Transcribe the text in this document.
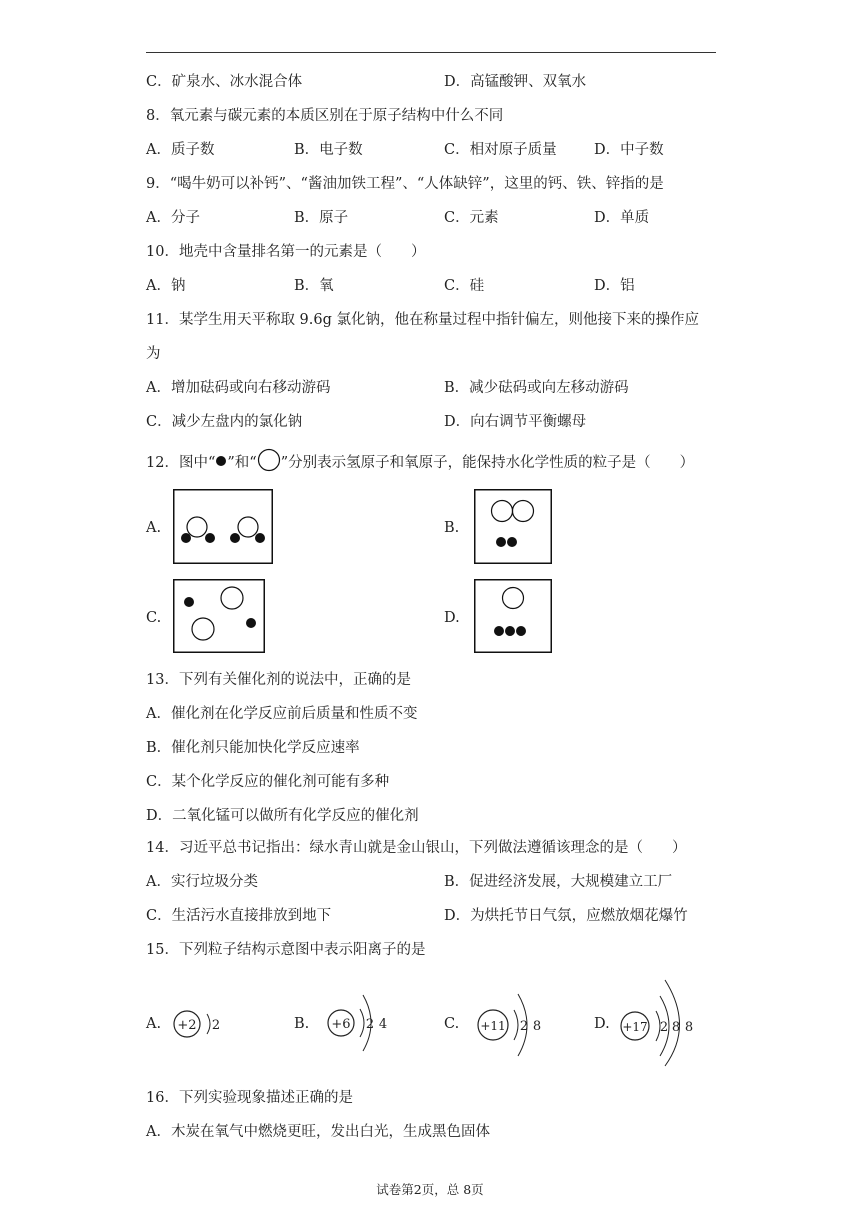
C．矿泉水、冰水混合体	D．高锰酸钾、双氧水
8．氧元素与碳元素的本质区别在于原子结构中什么不同
A．质子数	B．电子数	C．相对原子质量	D．中子数
9．“喝牛奶可以补钙”、“酱油加铁工程”、“人体缺锌”，这里的钙、铁、锌指的是
A．分子	B．原子	C．元素	D．单质
10．地壳中含量排名第一的元素是（　　）
A．钠	B．氧	C．硅	D．铝
11．某学生用天平称取 9.6g 氯化钠，他在称量过程中指针偏左，则他接下来的操作应
为
A．增加砝码或向右移动游码	B．减少砝码或向左移动游码
C．减少左盘内的氯化钠	D．向右调节平衡螺母
12．图中“ ”和“ ”分别表示氢原子和氧原子，能保持水化学性质的粒子是（　　）
A.	B.
C.	D.
13．下列有关催化剂的说法中，正确的是
A．催化剂在化学反应前后质量和性质不变
B．催化剂只能加快化学反应速率
C．某个化学反应的催化剂可能有多种
D．二氧化锰可以做所有化学反应的催化剂
14．习近平总书记指出：绿水青山就是金山银山，下列做法遵循该理念的是（　　）
A．实行垃圾分类	B．促进经济发展，大规模建立工厂
C．生活污水直接排放到地下	D．为烘托节日气氛，应燃放烟花爆竹
15．下列粒子结构示意图中表示阳离子的是
A. +2 2	B. +6 2 4	C. +11 2 8	D. +17 2 8 8
16．下列实验现象描述正确的是
A．木炭在氧气中燃烧更旺，发出白光，生成黑色固体
试卷第2页，总 8页
